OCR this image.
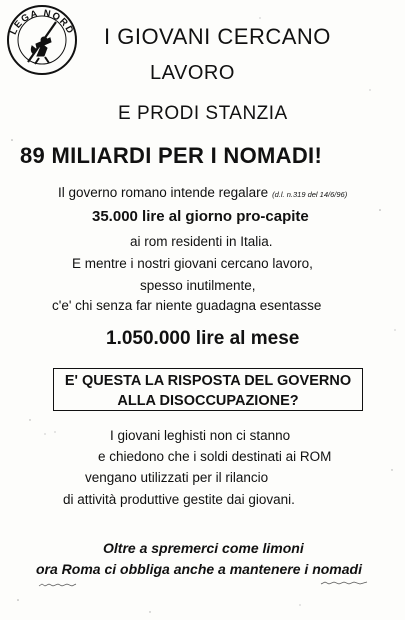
LEGA NORD I GIOVANI CERCANO
LAVORO
E PRODI STANZIA
89 MILIARDI PER I NOMADI!
Il governo romano intende regalare (d.l. n.319 del 14/6/96)
35.000 lire al giorno pro-capite
ai rom residenti in Italia.
E mentre i nostri giovani cercano lavoro,
spesso inutilmente,
c'e' chi senza far niente guadagna esentasse
1.050.000 lire al mese
E' QUESTA LA RISPOSTA DEL GOVERNO
ALLA DISOCCUPAZIONE?
I giovani leghisti non ci stanno
e chiedono che i soldi destinati ai ROM
vengano utilizzati per il rilancio
di attività produttive gestite dai giovani.
Oltre a spremerci come limoni
ora Roma ci obbliga anche a mantenere i nomadi
